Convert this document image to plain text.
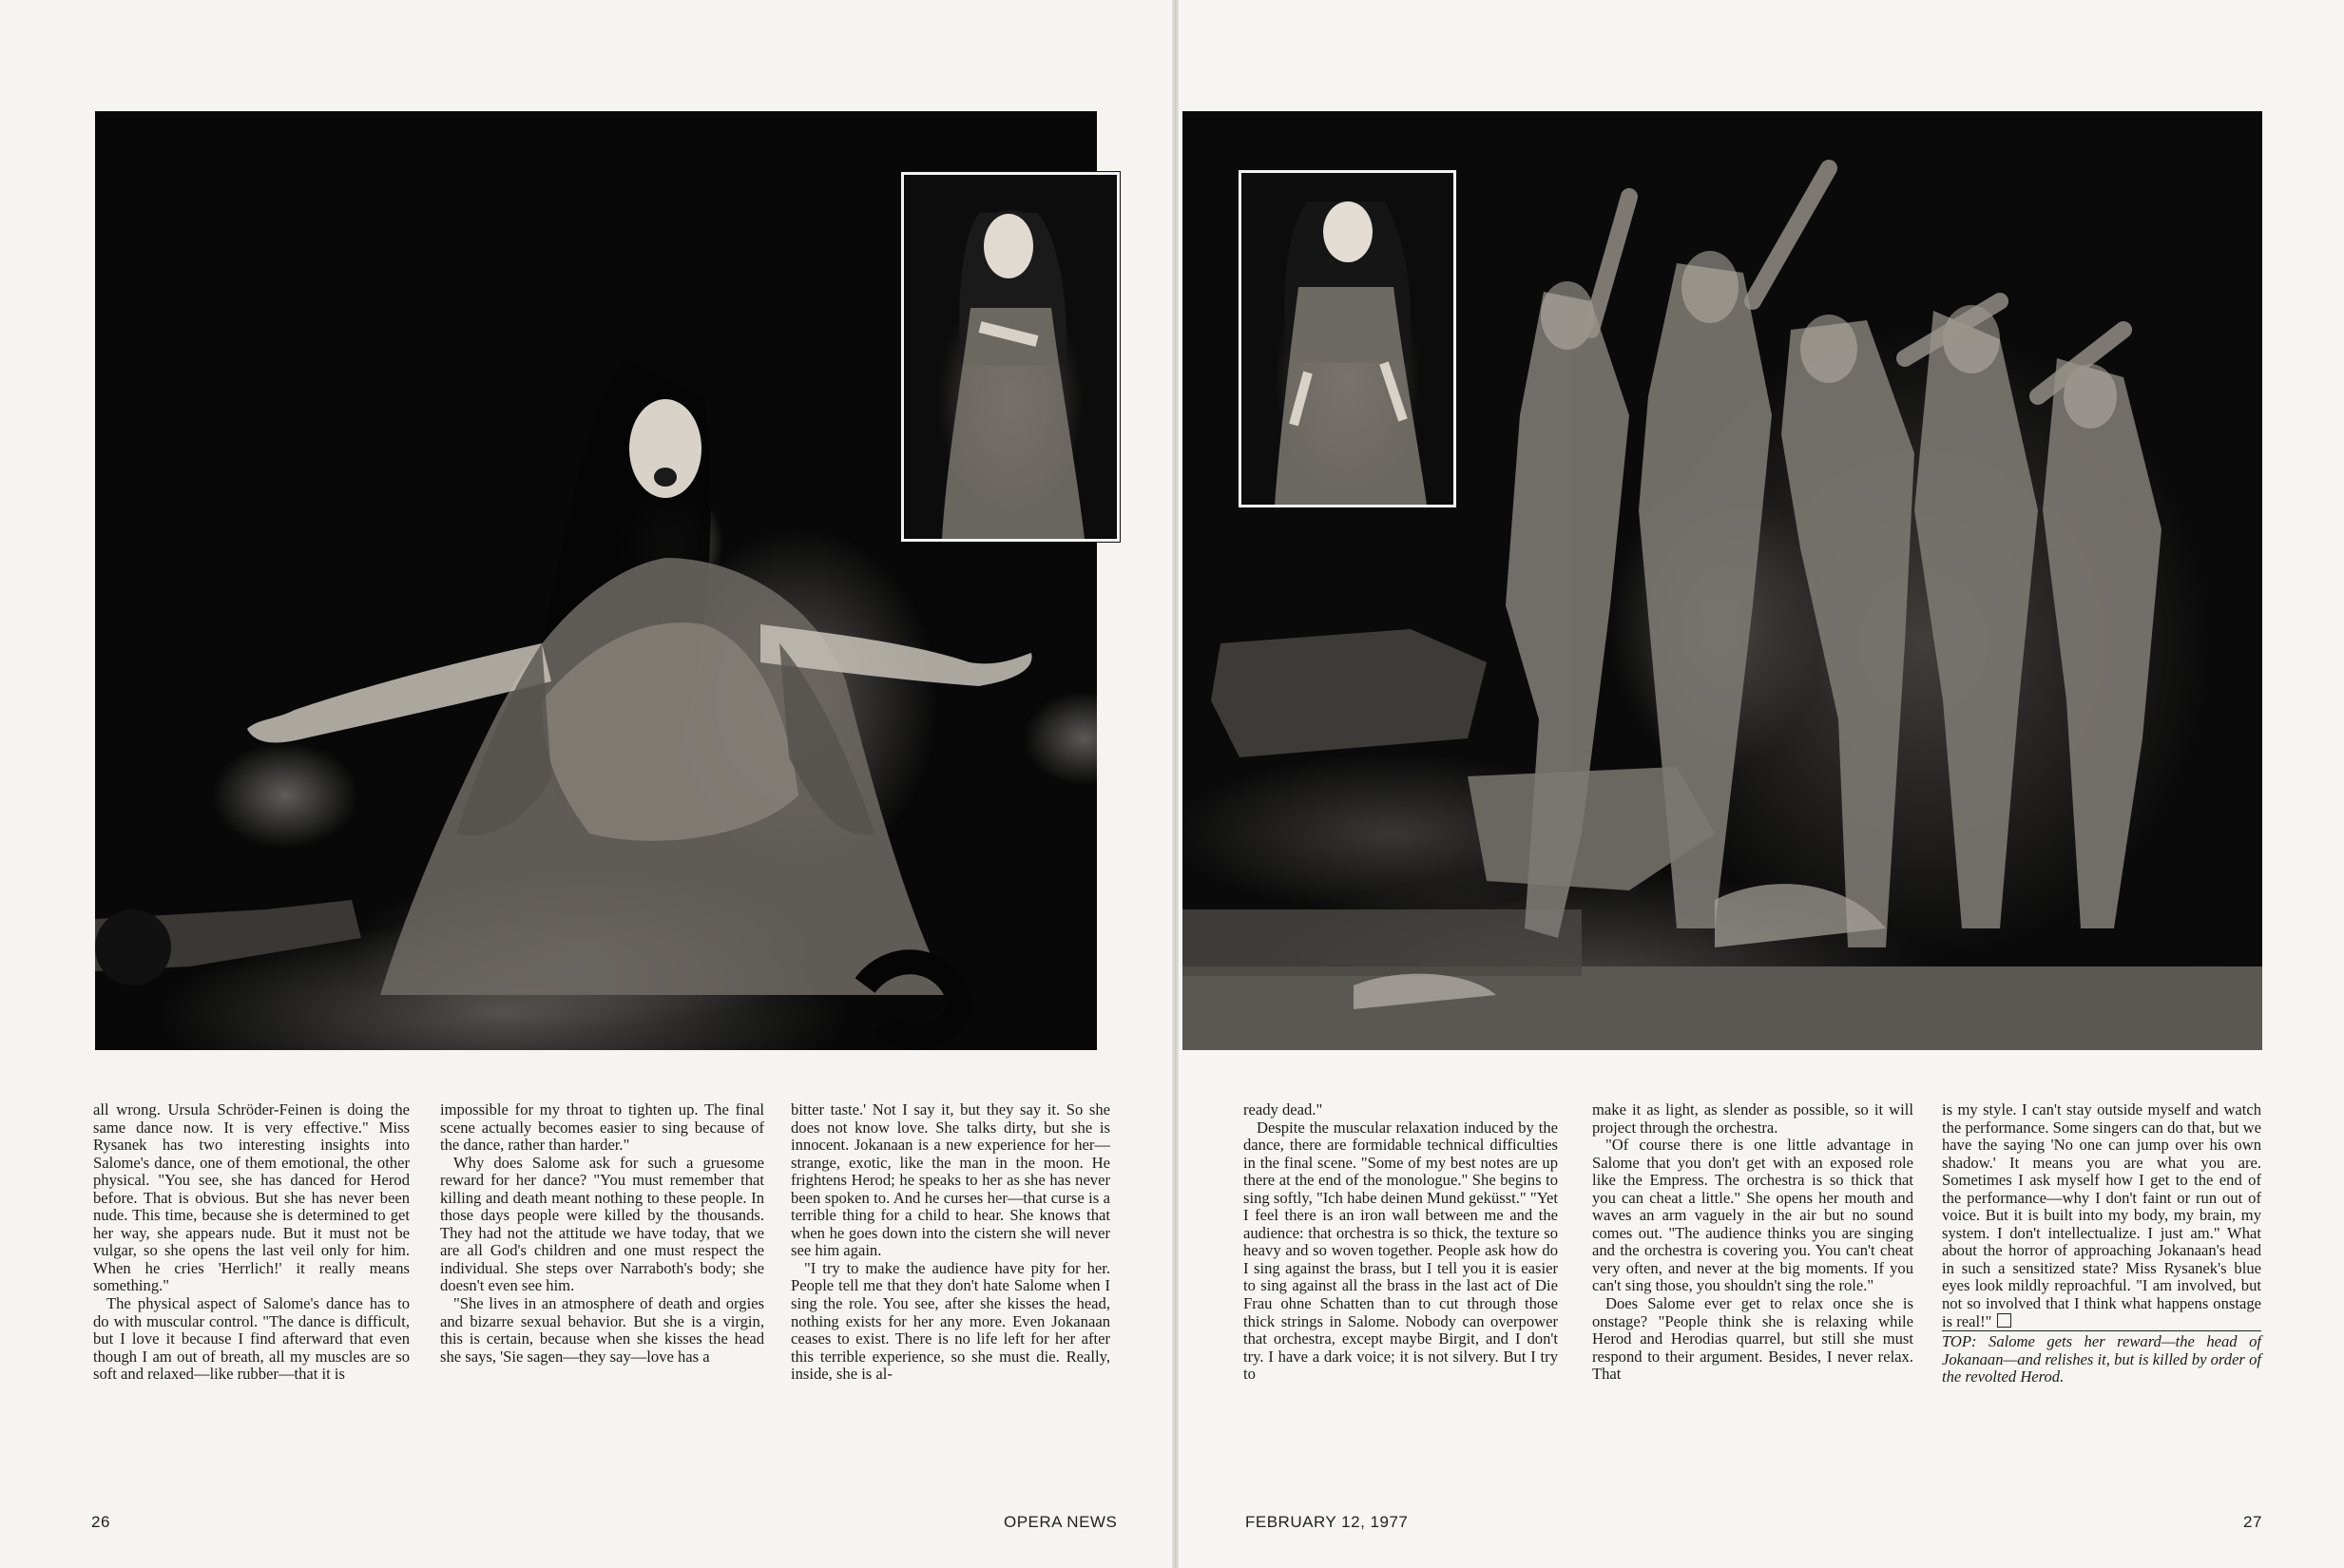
all wrong. Ursula Schröder-Feinen is doing the same dance now. It is very effective." Miss Rysanek has two interesting insights into Salome's dance, one of them emotional, the other physical. "You see, she has danced for Herod before. That is obvious. But she has never been nude. This time, because she is determined to get her way, she appears nude. But it must not be vulgar, so she opens the last veil only for him. When he cries 'Herrlich!' it really means something."

The physical aspect of Salome's dance has to do with muscular control. "The dance is difficult, but I love it because I find afterward that even though I am out of breath, all my muscles are so soft and relaxed—like rubber—that it is

impossible for my throat to tighten up. The final scene actually becomes easier to sing because of the dance, rather than harder."

Why does Salome ask for such a gruesome reward for her dance? "You must remember that killing and death meant nothing to these people. In those days people were killed by the thousands. They had not the attitude we have today, that we are all God's children and one must respect the individual. She steps over Narraboth's body; she doesn't even see him.

"She lives in an atmosphere of death and orgies and bizarre sexual behavior. But she is a virgin, this is certain, because when she kisses the head she says, 'Sie sagen—they say—love has a

bitter taste.' Not I say it, but they say it. So she does not know love. She talks dirty, but she is innocent. Jokanaan is a new experience for her—strange, exotic, like the man in the moon. He frightens Herod; he speaks to her as she has never been spoken to. And he curses her—that curse is a terrible thing for a child to hear. She knows that when he goes down into the cistern she will never see him again.

"I try to make the audience have pity for her. People tell me that they don't hate Salome when I sing the role. You see, after she kisses the head, nothing exists for her any more. Even Jokanaan ceases to exist. There is no life left for her after this terrible experience, so she must die. Really, inside, she is al-

26	OPERA NEWS

ready dead."

Despite the muscular relaxation induced by the dance, there are formidable technical difficulties in the final scene. "Some of my best notes are up there at the end of the monologue." She begins to sing softly, "Ich habe deinen Mund geküsst." "Yet I feel there is an iron wall between me and the audience: that orchestra is so thick, the texture so heavy and so woven together. People ask how do I sing against the brass, but I tell you it is easier to sing against all the brass in the last act of Die Frau ohne Schatten than to cut through those thick strings in Salome. Nobody can overpower that orchestra, except maybe Birgit, and I don't try. I have a dark voice; it is not silvery. But I try to

make it as light, as slender as possible, so it will project through the orchestra.

"Of course there is one little advantage in Salome that you don't get with an exposed role like the Empress. The orchestra is so thick that you can cheat a little." She opens her mouth and waves an arm vaguely in the air but no sound comes out. "The audience thinks you are singing and the orchestra is covering you. You can't cheat very often, and never at the big moments. If you can't sing those, you shouldn't sing the role."

Does Salome ever get to relax once she is onstage? "People think she is relaxing while Herod and Herodias quarrel, but still she must respond to their argument. Besides, I never relax. That

is my style. I can't stay outside myself and watch the performance. Some singers can do that, but we have the saying 'No one can jump over his own shadow.' It means you are what you are. Sometimes I ask myself how I get to the end of the performance—why I don't faint or run out of voice. But it is built into my body, my brain, my system. I don't intellectualize. I just am." What about the horror of approaching Jokanaan's head in such a sensitized state? Miss Rysanek's blue eyes look mildly reproachful. "I am involved, but not so involved that I think what happens onstage is real!"

TOP: Salome gets her reward—the head of Jokanaan—and relishes it, but is killed by order of the revolted Herod.

FEBRUARY 12, 1977	27
